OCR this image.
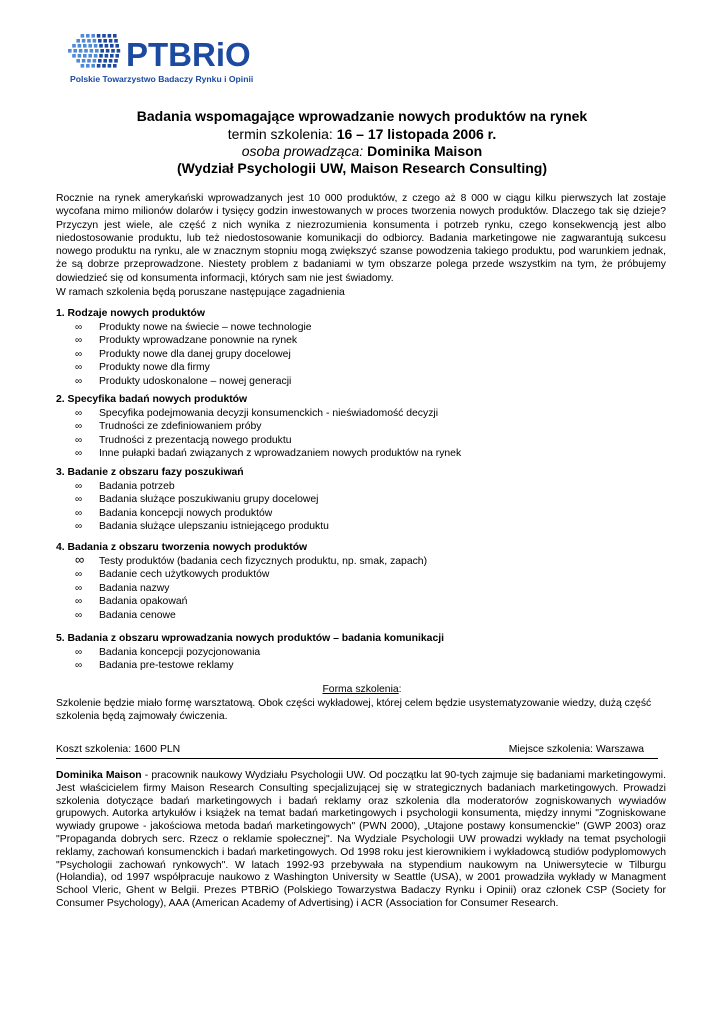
PTBRiO
Polskie Towarzystwo Badaczy Rynku i Opinii
Badania wspomagające wprowadzanie nowych produktów na rynek
termin szkolenia: 16 – 17 listopada 2006 r.
osoba prowadząca: Dominika Maison
(Wydział Psychologii UW, Maison Research Consulting)

Rocznie na rynek amerykański wprowadzanych jest 10 000 produktów, z czego aż 8 000 w ciągu kilku pierwszych lat zostaje wycofana mimo milionów dolarów i tysięcy godzin inwestowanych w proces tworzenia nowych produktów. Dlaczego tak się dzieje? Przyczyn jest wiele, ale część z nich wynika z niezrozumienia konsumenta i potrzeb rynku, czego konsekwencją jest albo niedostosowanie produktu, lub też niedostosowanie komunikacji do odbiorcy. Badania marketingowe nie zagwarantują sukcesu nowego produktu na rynku, ale w znacznym stopniu mogą zwiększyć szanse powodzenia takiego produktu, pod warunkiem jednak, że są dobrze przeprowadzone. Niestety problem z badaniami w tym obszarze polega przede wszystkim na tym, że próbujemy dowiedzieć się od konsumenta informacji, których sam nie jest świadomy.

W ramach szkolenia będą poruszane następujące zagadnienia
1. Rodzaje nowych produktów
∞ Produkty nowe na świecie – nowe technologie
∞ Produkty wprowadzane ponownie na rynek
∞ Produkty nowe dla danej grupy docelowej
∞ Produkty nowe dla firmy
∞ Produkty udoskonalone – nowej generacji
2. Specyfika badań nowych produktów
∞ Specyfika podejmowania decyzji konsumenckich - nieświadomość decyzji
∞ Trudności ze zdefiniowaniem próby
∞ Trudności z prezentacją nowego produktu
∞ Inne pułapki badań związanych z wprowadzaniem nowych produktów na rynek
3. Badanie z obszaru fazy poszukiwań
∞ Badania potrzeb
∞ Badania służące poszukiwaniu grupy docelowej
∞ Badania koncepcji nowych produktów
∞ Badania służące ulepszaniu istniejącego produktu
4. Badania z obszaru tworzenia nowych produktów
∞ Testy produktów (badania cech fizycznych produktu, np. smak, zapach)
∞ Badanie cech użytkowych produktów
∞ Badania nazwy
∞ Badania opakowań
∞ Badania cenowe
5. Badania z obszaru wprowadzania nowych produktów – badania komunikacji
∞ Badania koncepcji pozycjonowania
∞ Badania pre-testowe reklamy
Forma szkolenia:

Szkolenie będzie miało formę warsztatową. Obok części wykładowej, której celem będzie usystematyzowanie wiedzy, dużą część szkolenia będą zajmowały ćwiczenia.

Koszt szkolenia: 1600 PLN	Miejsce szkolenia: Warszawa

Dominika Maison - pracownik naukowy Wydziału Psychologii UW. Od początku lat 90-tych zajmuje się badaniami marketingowymi. Jest właścicielem firmy Maison Research Consulting specjalizującej się w strategicznych badaniach marketingowych. Prowadzi szkolenia dotyczące badań marketingowych i badań reklamy oraz szkolenia dla moderatorów zogniskowanych wywiadów grupowych. Autorka artykułów i książek na temat badań marketingowych i psychologii konsumenta, między innymi "Zogniskowane wywiady grupowe - jakościowa metoda badań marketingowych" (PWN 2000), „Utajone postawy konsumenckie" (GWP 2003) oraz "Propaganda dobrych serc. Rzecz o reklamie społecznej". Na Wydziale Psychologii UW prowadzi wykłady na temat psychologii reklamy, zachowań konsumenckich i badań marketingowych. Od 1998 roku jest kierownikiem i wykładowcą studiów podyplomowych "Psychologii zachowań rynkowych". W latach 1992-93 przebywała na stypendium naukowym na Uniwersytecie w Tilburgu (Holandia), od 1997 współpracuje naukowo z Washington University w Seattle (USA), w 2001 prowadziła wykłady w Managment School Vleric, Ghent w Belgii. Prezes PTBRiO (Polskiego Towarzystwa Badaczy Rynku i Opinii) oraz członek CSP (Society for Consumer Psychology), AAA (American Academy of Advertising) i ACR (Association for Consumer Research.
